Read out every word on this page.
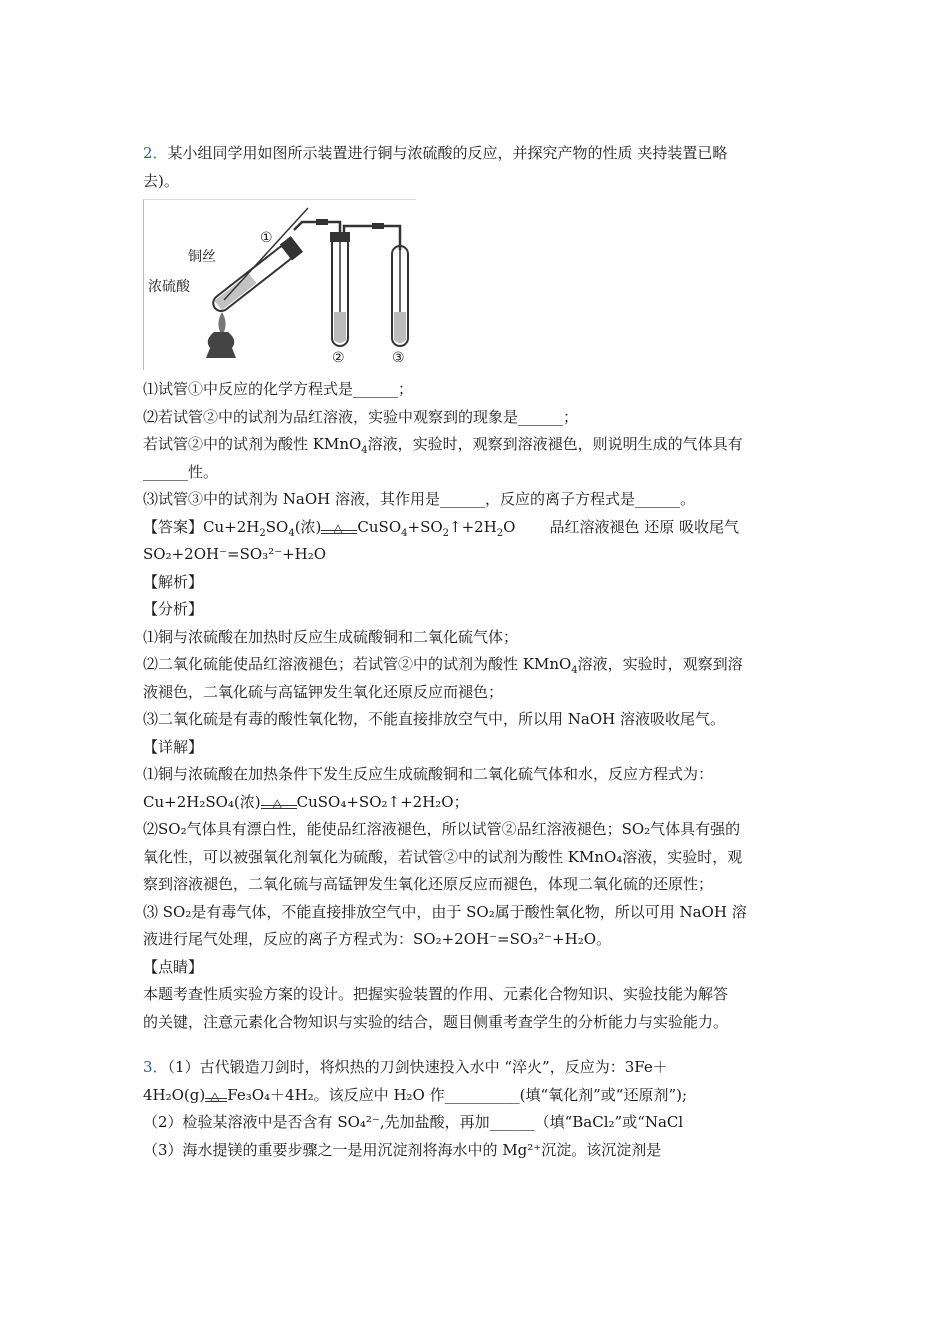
2．某小组同学用如图所示装置进行铜与浓硫酸的反应，并探究产物的性质 夹持装置已略
去)。
铜丝
浓硫酸
①
②	③
⑴试管①中反应的化学方程式是______；
⑵若试管②中的试剂为品红溶液，实验中观察到的现象是______；
若试管②中的试剂为酸性 KMnO$_4$溶液，实验时，观察到溶液褪色，则说明生成的气体具有
______性。
⑶试管③中的试剂为 NaOH 溶液，其作用是______，反应的离子方程式是______。
【答案】$Cu+2H_2SO_4$(浓) △ $CuSO_4+SO_2↑+2H_2O$ 品红溶液褪色 还原 吸收尾气
SO₂+2OH⁻=SO₃²⁻+H₂O
【解析】
【分析】
⑴铜与浓硫酸在加热时反应生成硫酸铜和二氧化硫气体；
⑵二氧化硫能使品红溶液褪色；若试管②中的试剂为酸性 KMnO$_4$溶液，实验时，观察到溶
液褪色，二氧化硫与高锰钾发生氧化还原反应而褪色；
⑶二氧化硫是有毒的酸性氧化物，不能直接排放空气中，所以用 NaOH 溶液吸收尾气。
【详解】
⑴铜与浓硫酸在加热条件下发生反应生成硫酸铜和二氧化硫气体和水，反应方程式为：
Cu+2H₂SO₄(浓) △ CuSO₄+SO₂↑+2H₂O；
⑵SO₂气体具有漂白性，能使品红溶液褪色，所以试管②品红溶液褪色；SO₂气体具有强的
氧化性，可以被强氧化剂氧化为硫酸，若试管②中的试剂为酸性 KMnO₄溶液，实验时，观
察到溶液褪色，二氧化硫与高锰钾发生氧化还原反应而褪色，体现二氧化硫的还原性；
⑶ SO₂是有毒气体，不能直接排放空气中，由于 SO₂属于酸性氧化物，所以可用 NaOH 溶
液进行尾气处理，反应的离子方程式为：SO₂+2OH⁻=SO₃²⁻+H₂O。
【点睛】
本题考查性质实验方案的设计。把握实验装置的作用、元素化合物知识、实验技能为解答
的关键，注意元素化合物知识与实验的结合，题目侧重考查学生的分析能力与实验能力。
3．（1）古代锻造刀剑时，将炽热的刀剑快速投入水中 “淬火”，反应为：3Fe＋
4H₂O(g) △ Fe₃O₄＋4H₂。该反应中 H₂O 作__________(填“氧化剂”或“还原剂”);
（2）检验某溶液中是否含有 SO₄²⁻,先加盐酸，再加______（填“BaCl₂”或“NaCl
（3）海水提镁的重要步骤之一是用沉淀剂将海水中的 Mg²⁺沉淀。该沉淀剂是
